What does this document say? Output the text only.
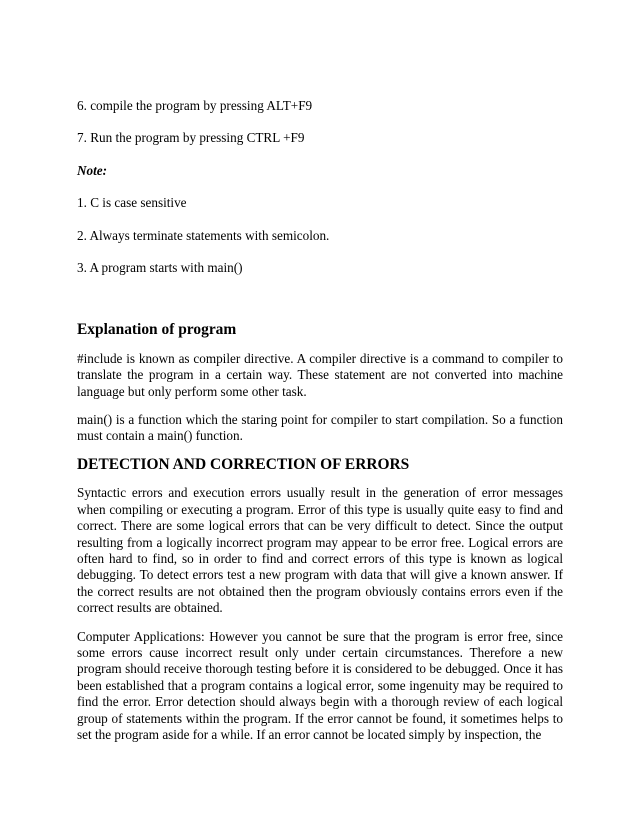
6. compile the program by pressing ALT+F9

7. Run the program by pressing CTRL +F9

Note:

1. C is case sensitive

2. Always terminate statements with semicolon.

3. A program starts with main()

Explanation of program

#include is known as compiler directive. A compiler directive is a command to compiler to translate the program in a certain way. These statement are not converted into machine language but only perform some other task.

main() is a function which the staring point for compiler to start compilation. So a function must contain a main() function.

DETECTION AND CORRECTION OF ERRORS

Syntactic errors and execution errors usually result in the generation of error messages when compiling or executing a program. Error of this type is usually quite easy to find and correct. There are some logical errors that can be very difficult to detect. Since the output resulting from a logically incorrect program may appear to be error free. Logical errors are often hard to find, so in order to find and correct errors of this type is known as logical debugging. To detect errors test a new program with data that will give a known answer. If the correct results are not obtained then the program obviously contains errors even if the correct results are obtained.

Computer Applications: However you cannot be sure that the program is error free, since some errors cause incorrect result only under certain circumstances. Therefore a new program should receive thorough testing before it is considered to be debugged. Once it has been established that a program contains a logical error, some ingenuity may be required to find the error. Error detection should always begin with a thorough review of each logical group of statements within the program. If the error cannot be found, it sometimes helps to set the program aside for a while. If an error cannot be located simply by inspection, the
